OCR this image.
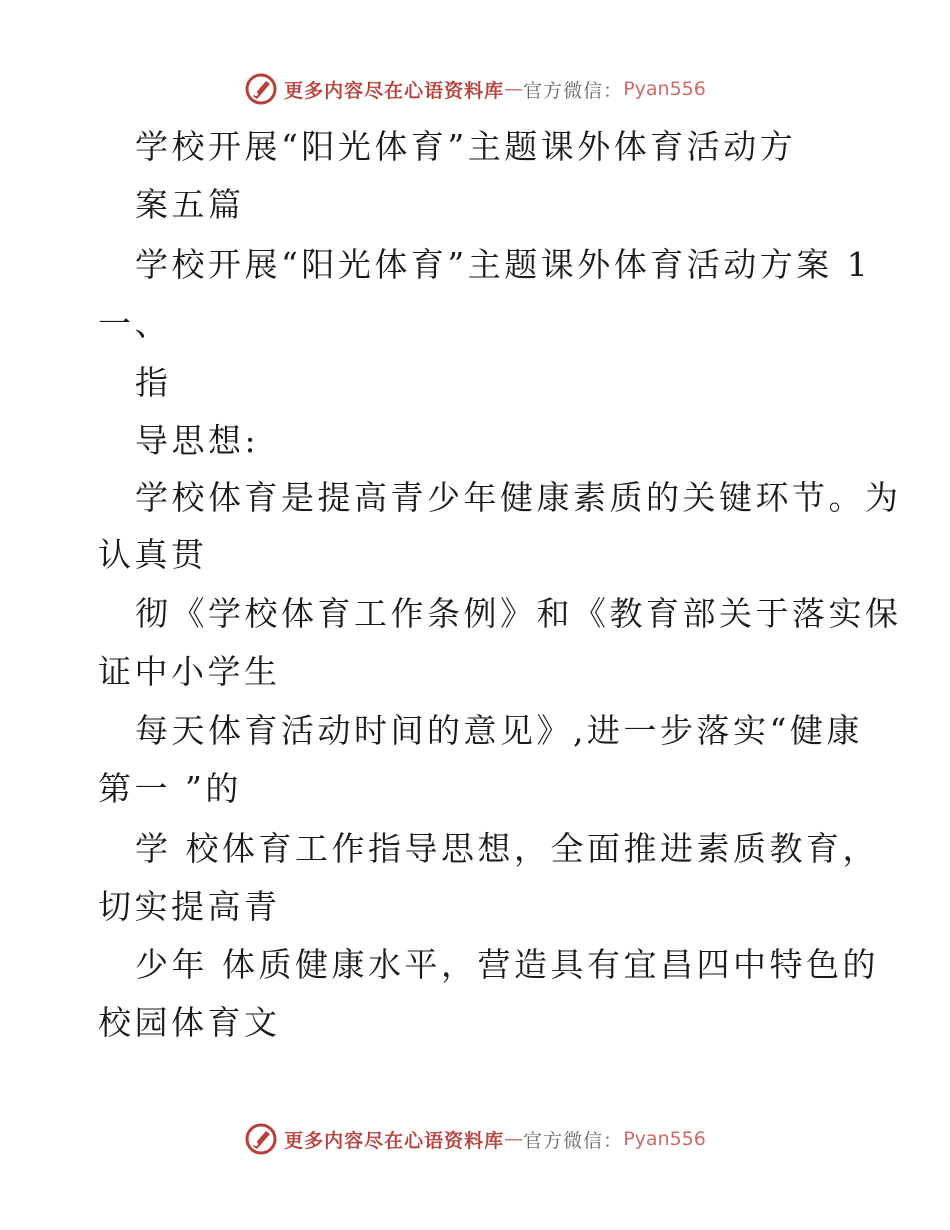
更多内容尽在心语资料库 — 官方微信： Pyan556
学校开展“阳光体育”主题课外体育活动方
案五篇
学校开展“阳光体育”主题课外体育活动方案 1
一、
指
导思想:
学校体育是提高青少年健康素质的关键环节。为
认真贯
彻《学校体育工作条例》和《教育部关于落实保
证中小学生
每天体育活动时间的意见》,进一步落实“健康
第一 ”的
学 校体育工作指导思想，全面推进素质教育，
切实提高青
少年 体质健康水平，营造具有宜昌四中特色的
校园体育文
更多内容尽在心语资料库 — 官方微信： Pyan556
